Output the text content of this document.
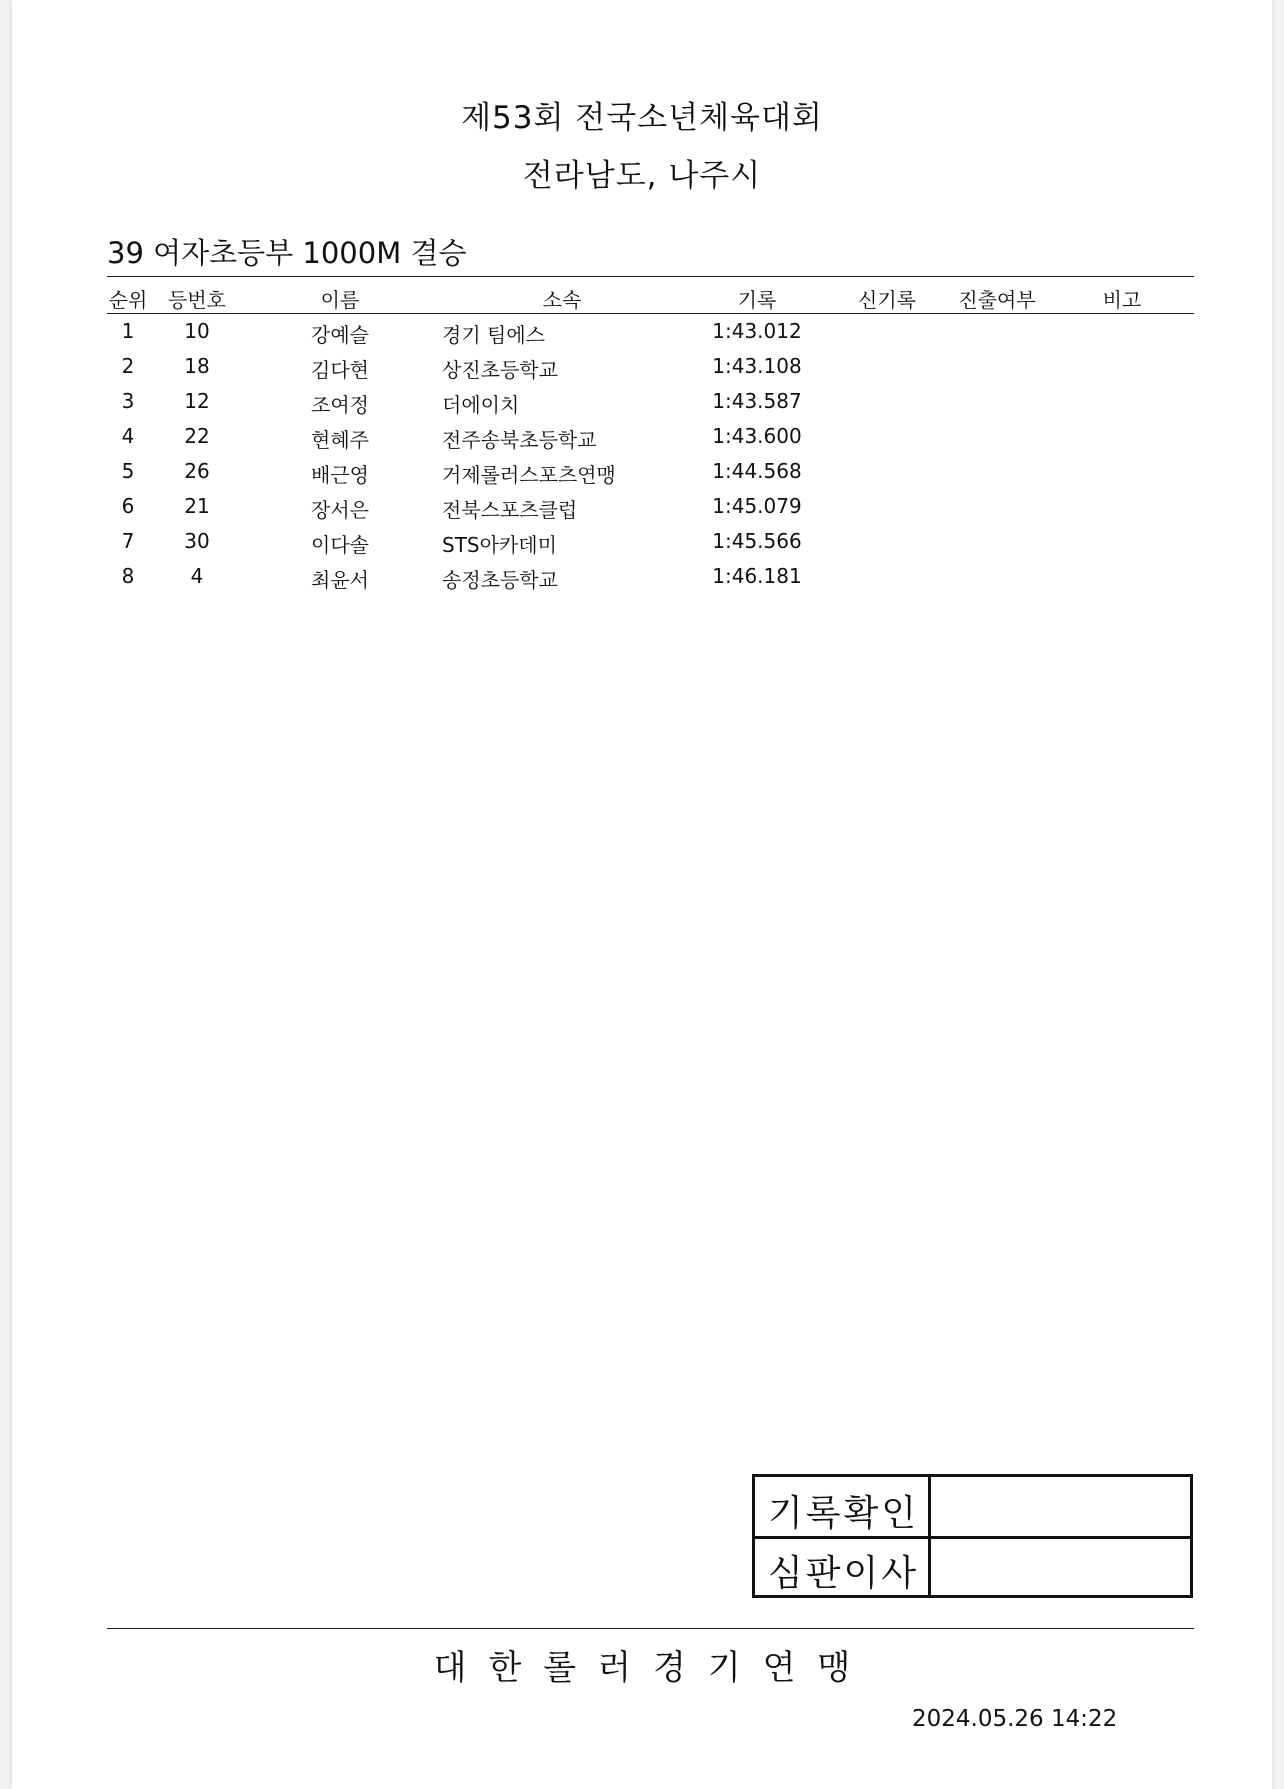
제53회 전국소년체육대회
전라남도, 나주시
39 여자초등부 1000M 결승
순위 등번호	이름	소속	기록	신기록	진출여부	비고
1	10	강예슬	경기 팀에스	1:43.012
2	18	김다현	상진초등학교	1:43.108
3	12	조여정	더에이치	1:43.587
4	22	현혜주	전주송북초등학교	1:43.600
5	26	배근영	거제롤러스포츠연맹	1:44.568
6	21	장서은	전북스포츠클럽	1:45.079
7	30	이다솔	STS아카데미	1:45.566
8	4	최윤서	송정초등학교	1:46.181
기록확인
심판이사
대한롤러경기연맹
2024.05.26 14:22
